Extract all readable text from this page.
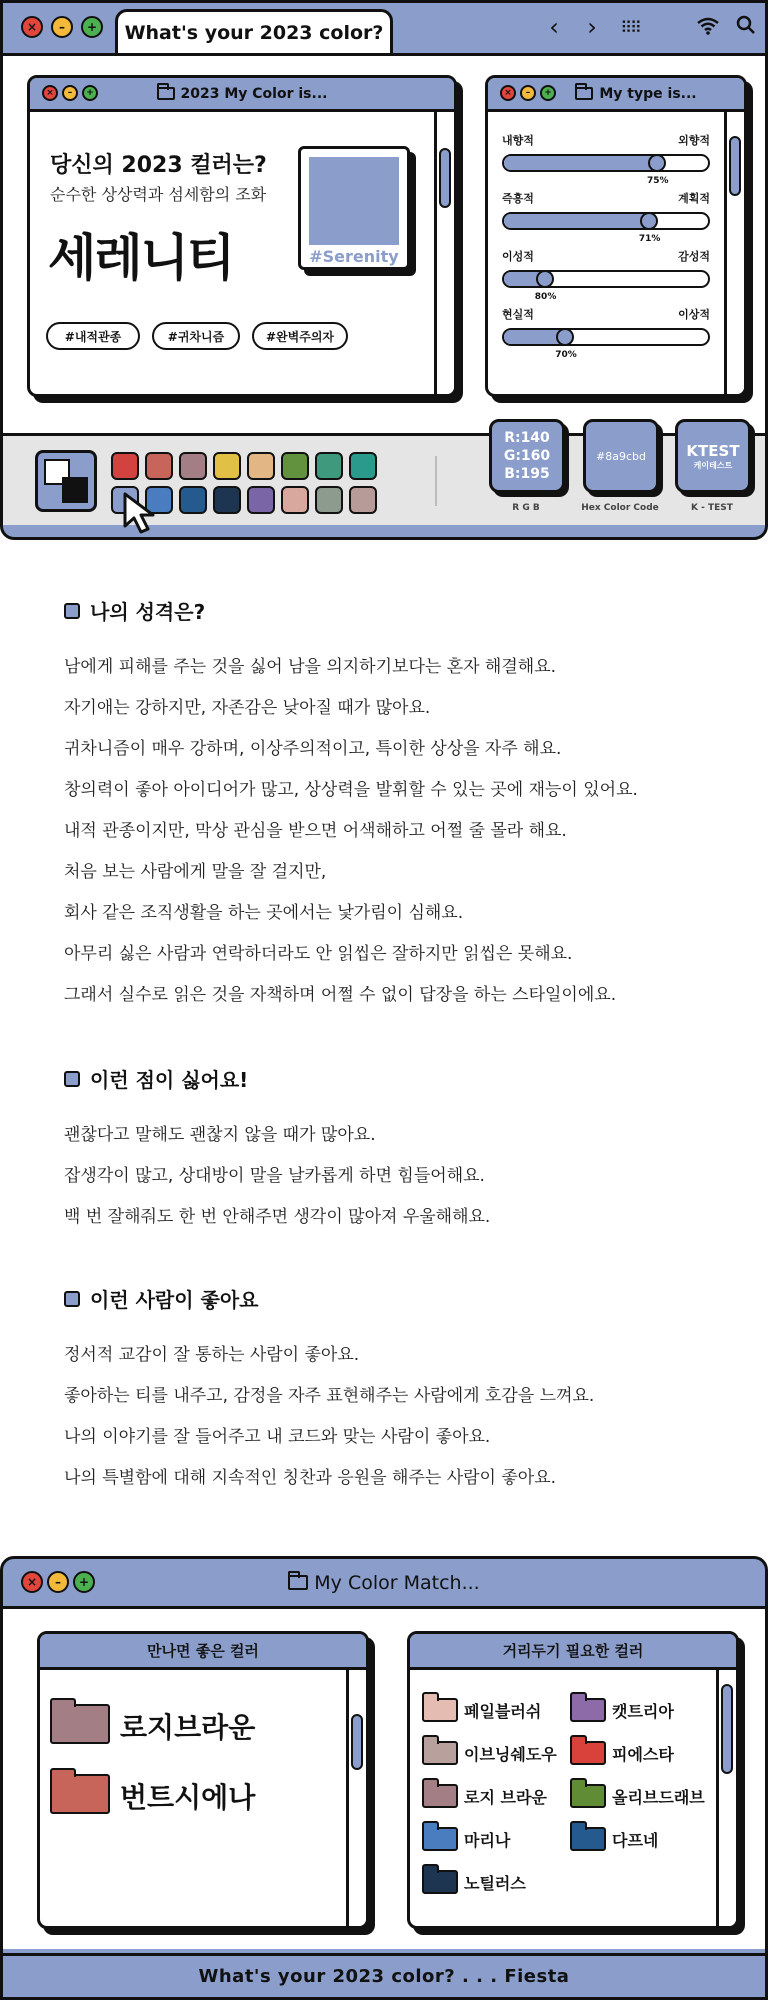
×	–	+	What's your 2023 color?	‹	›	⠿⠿
×	–	+	2023 My Color is...
당신의 2023 컬러는?
순수한 상상력과 섬세함의 조화
세레니티
#내적관종	#귀차니즘	#완벽주의자
#Serenity
×	–	+	My type is...
내향적	외향적
75%
즉흥적	계획적
71%
이성적	감성적
80%
현실적	이상적
70%
R:140
G:160
B:195
R G B
#8a9cbd
Hex Color Code
KTEST
케이테스트
K - TEST
나의 성격은?
남에게 피해를 주는 것을 싫어 남을 의지하기보다는 혼자 해결해요.
자기애는 강하지만, 자존감은 낮아질 때가 많아요.
귀차니즘이 매우 강하며, 이상주의적이고, 특이한 상상을 자주 해요.
창의력이 좋아 아이디어가 많고, 상상력을 발휘할 수 있는 곳에 재능이 있어요.
내적 관종이지만, 막상 관심을 받으면 어색해하고 어쩔 줄 몰라 해요.
처음 보는 사람에게 말을 잘 걸지만,
회사 같은 조직생활을 하는 곳에서는 낯가림이 심해요.
아무리 싫은 사람과 연락하더라도 안 읽씹은 잘하지만 읽씹은 못해요.
그래서 실수로 읽은 것을 자책하며 어쩔 수 없이 답장을 하는 스타일이에요.
이런 점이 싫어요!
괜찮다고 말해도 괜찮지 않을 때가 많아요.
잡생각이 많고, 상대방이 말을 날카롭게 하면 힘들어해요.
백 번 잘해줘도 한 번 안해주면 생각이 많아져 우울해해요.
이런 사람이 좋아요
정서적 교감이 잘 통하는 사람이 좋아요.
좋아하는 티를 내주고, 감정을 자주 표현해주는 사람에게 호감을 느껴요.
나의 이야기를 잘 들어주고 내 코드와 맞는 사람이 좋아요.
나의 특별함에 대해 지속적인 칭찬과 응원을 해주는 사람이 좋아요.
×	–	+	My Color Match...
만나면 좋은 컬러
로지브라운
번트시에나
거리두기 필요한 컬러
페일블러쉬	캣트리아
이브닝쉐도우	피에스타
로지 브라운	올리브드래브
마리나	다프네
노틸러스
What's your 2023 color? . . . Fiesta
